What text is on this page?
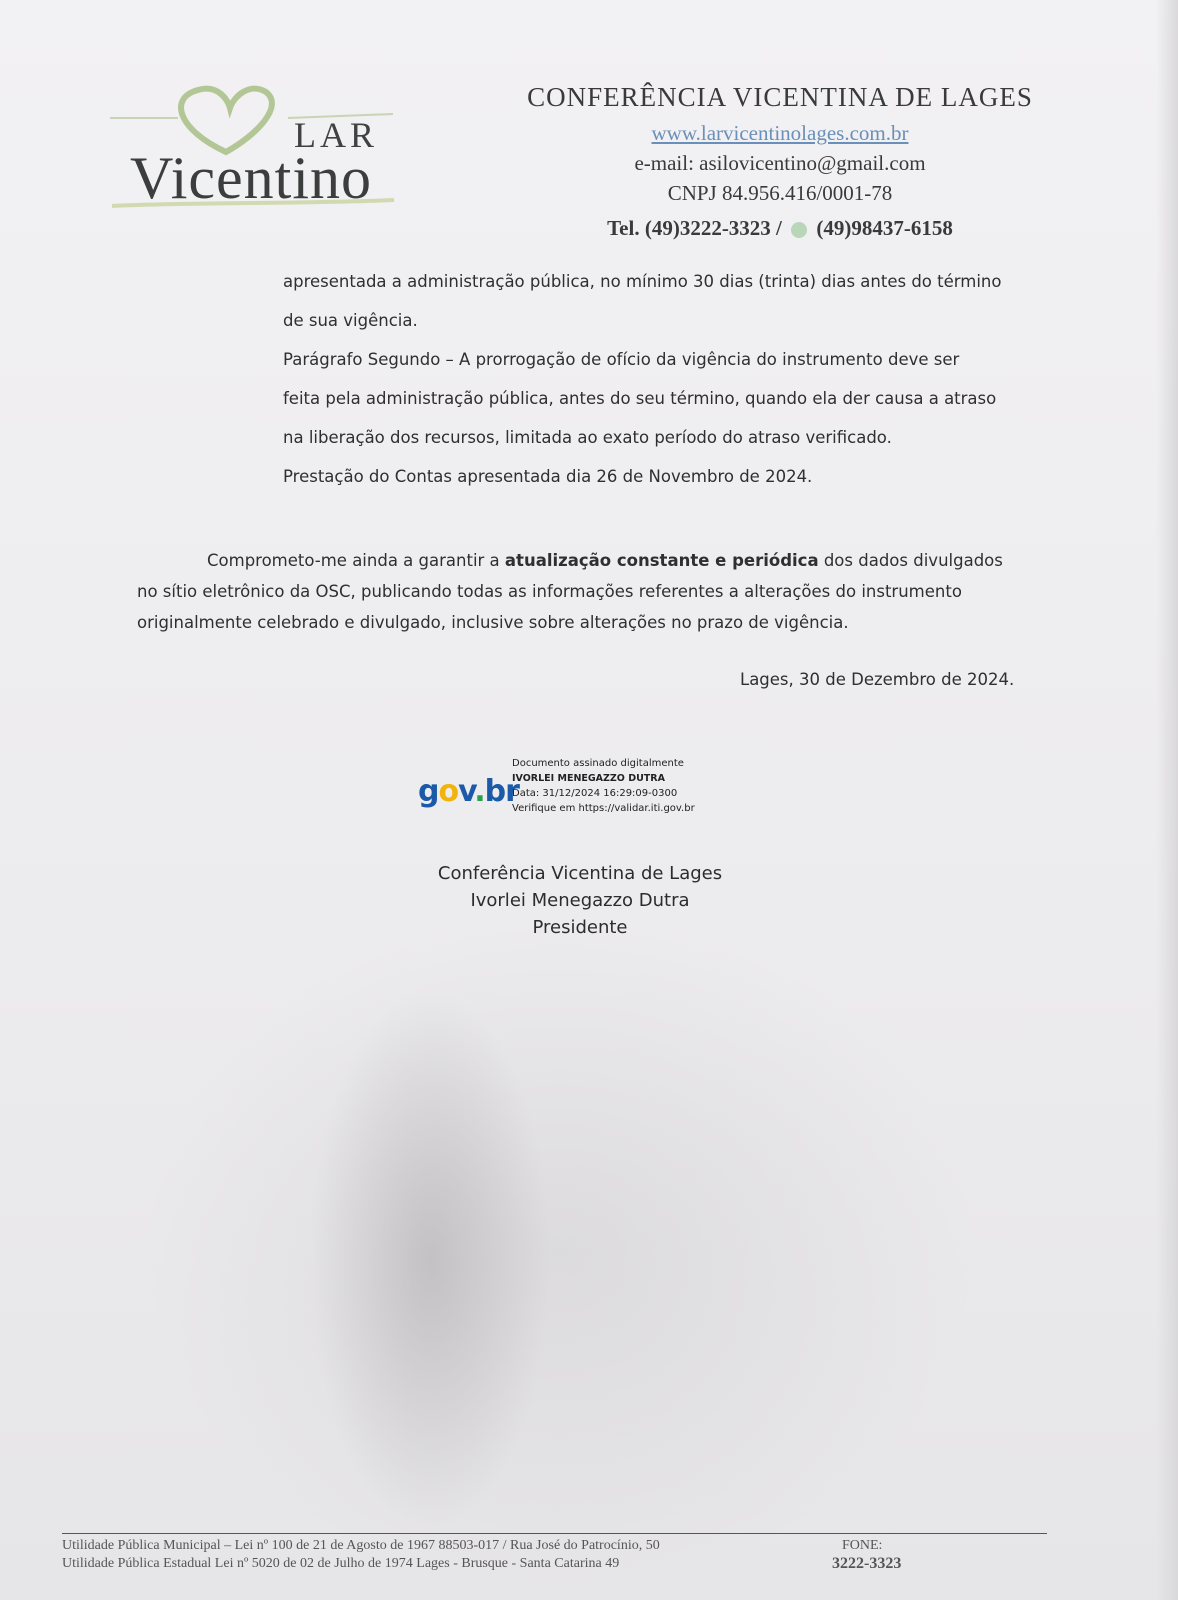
LAR
Vicentino
CONFERÊNCIA VICENTINA DE LAGES
www.larvicentinolages.com.br
e-mail: asilovicentino@gmail.com
CNPJ 84.956.416/0001-78
Tel. (49)3222-3323 / (49)98437-6158
apresentada a administração pública, no mínimo 30 dias (trinta) dias antes do término
de sua vigência.
Parágrafo Segundo – A prorrogação de ofício da vigência do instrumento deve ser
feita pela administração pública, antes do seu término, quando ela der causa a atraso
na liberação dos recursos, limitada ao exato período do atraso verificado.
Prestação do Contas apresentada dia 26 de Novembro de 2024.
Comprometo-me ainda a garantir a atualização constante e periódica dos dados divulgados
no sítio eletrônico da OSC, publicando todas as informações referentes a alterações do instrumento
originalmente celebrado e divulgado, inclusive sobre alterações no prazo de vigência.
Lages, 30 de Dezembro de 2024.
gov.br
Documento assinado digitalmente
IVORLEI MENEGAZZO DUTRA
Data: 31/12/2024 16:29:09-0300
Verifique em https://validar.iti.gov.br
Conferência Vicentina de Lages
Ivorlei Menegazzo Dutra
Presidente
Utilidade Pública Municipal – Lei nº 100 de 21 de Agosto de 1967 88503-017 / Rua José do Patrocínio, 50	FONE:
Utilidade Pública Estadual Lei nº 5020 de 02 de Julho de 1974 Lages - Brusque - Santa Catarina 49	3222-3323
